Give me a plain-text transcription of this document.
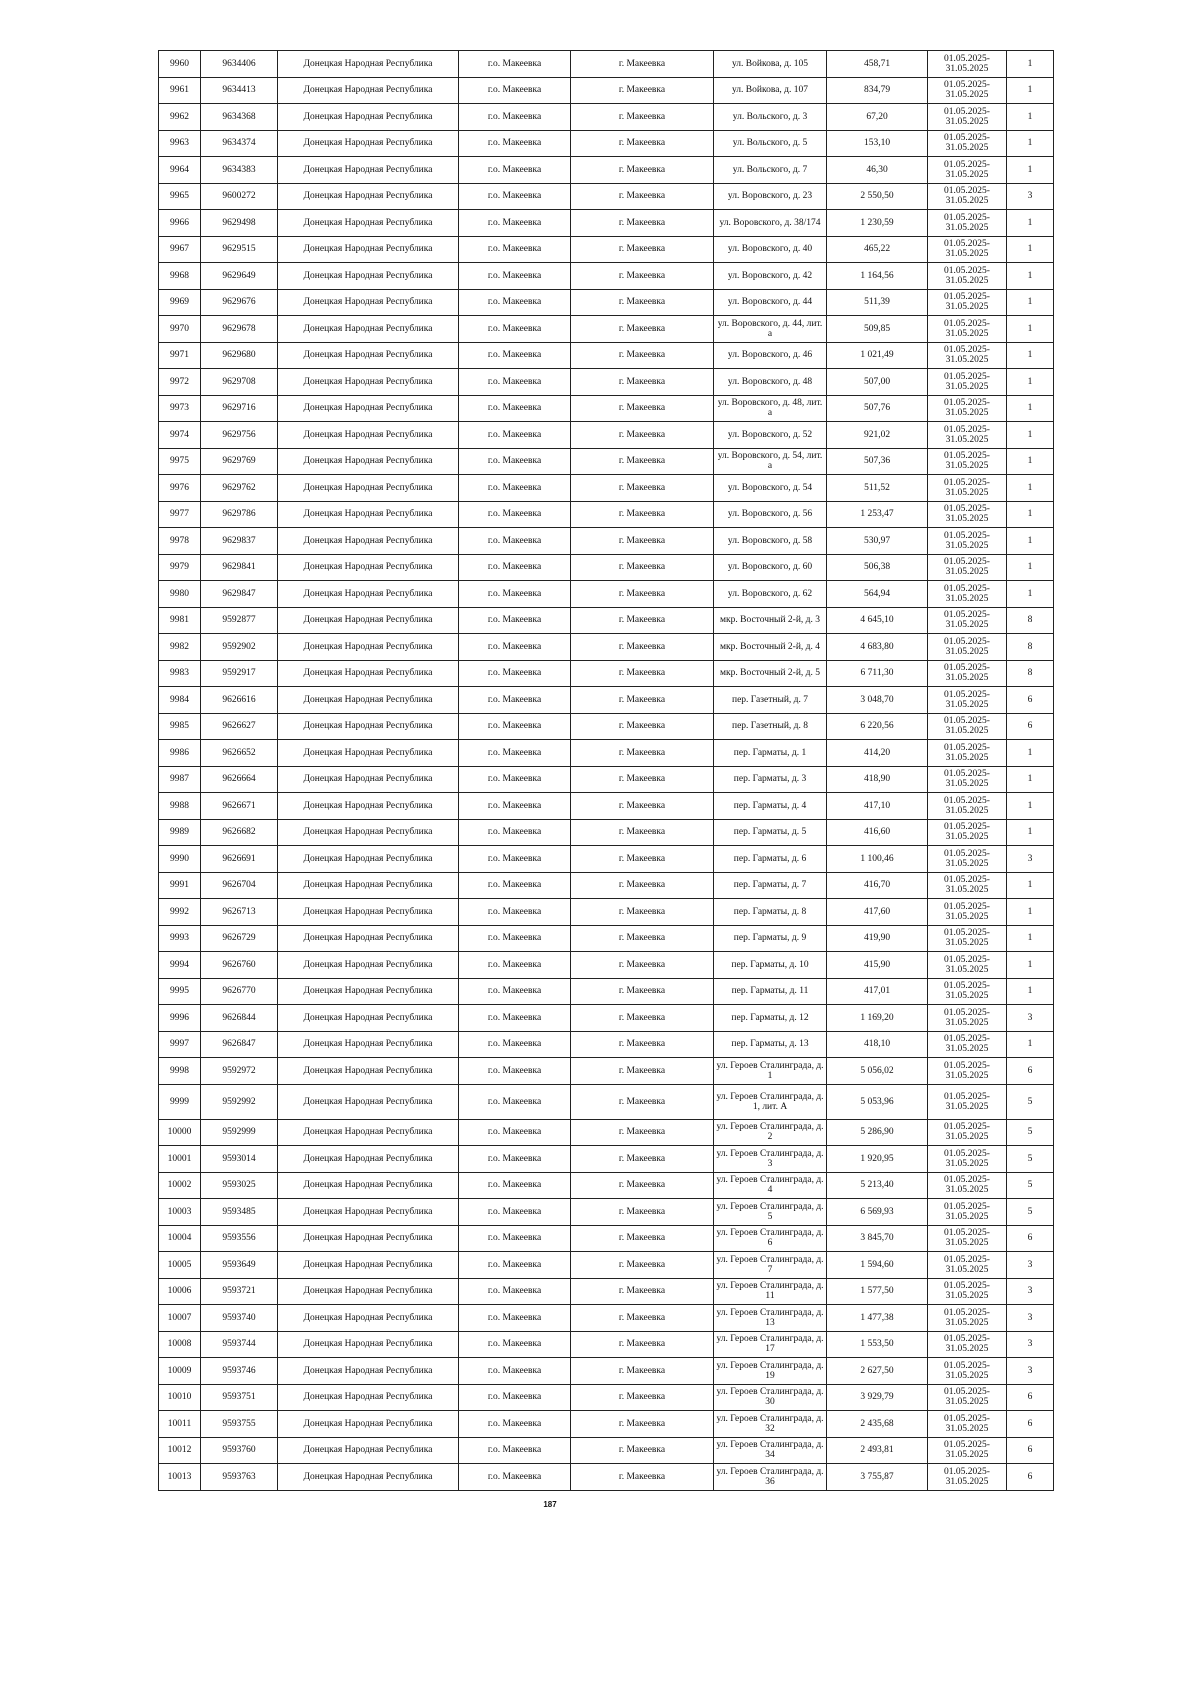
9960	9634406	Донецкая Народная Республика	г.о. Макеевка	г. Макеевка	ул. Войкова, д. 105	458,71	01.05.2025- 31.05.2025	1
9961	9634413	Донецкая Народная Республика	г.о. Макеевка	г. Макеевка	ул. Войкова, д. 107	834,79	01.05.2025- 31.05.2025	1
9962	9634368	Донецкая Народная Республика	г.о. Макеевка	г. Макеевка	ул. Вольского, д. 3	67,20	01.05.2025- 31.05.2025	1
9963	9634374	Донецкая Народная Республика	г.о. Макеевка	г. Макеевка	ул. Вольского, д. 5	153,10	01.05.2025- 31.05.2025	1
9964	9634383	Донецкая Народная Республика	г.о. Макеевка	г. Макеевка	ул. Вольского, д. 7	46,30	01.05.2025- 31.05.2025	1
9965	9600272	Донецкая Народная Республика	г.о. Макеевка	г. Макеевка	ул. Воровского, д. 23	2 550,50	01.05.2025- 31.05.2025	3
9966	9629498	Донецкая Народная Республика	г.о. Макеевка	г. Макеевка	ул. Воровского, д. 38/174	1 230,59	01.05.2025- 31.05.2025	1
9967	9629515	Донецкая Народная Республика	г.о. Макеевка	г. Макеевка	ул. Воровского, д. 40	465,22	01.05.2025- 31.05.2025	1
9968	9629649	Донецкая Народная Республика	г.о. Макеевка	г. Макеевка	ул. Воровского, д. 42	1 164,56	01.05.2025- 31.05.2025	1
9969	9629676	Донецкая Народная Республика	г.о. Макеевка	г. Макеевка	ул. Воровского, д. 44	511,39	01.05.2025- 31.05.2025	1
9970	9629678	Донецкая Народная Республика	г.о. Макеевка	г. Макеевка	ул. Воровского, д. 44, лит. а	509,85	01.05.2025- 31.05.2025	1
9971	9629680	Донецкая Народная Республика	г.о. Макеевка	г. Макеевка	ул. Воровского, д. 46	1 021,49	01.05.2025- 31.05.2025	1
9972	9629708	Донецкая Народная Республика	г.о. Макеевка	г. Макеевка	ул. Воровского, д. 48	507,00	01.05.2025- 31.05.2025	1
9973	9629716	Донецкая Народная Республика	г.о. Макеевка	г. Макеевка	ул. Воровского, д. 48, лит. а	507,76	01.05.2025- 31.05.2025	1
9974	9629756	Донецкая Народная Республика	г.о. Макеевка	г. Макеевка	ул. Воровского, д. 52	921,02	01.05.2025- 31.05.2025	1
9975	9629769	Донецкая Народная Республика	г.о. Макеевка	г. Макеевка	ул. Воровского, д. 54, лит. а	507,36	01.05.2025- 31.05.2025	1
9976	9629762	Донецкая Народная Республика	г.о. Макеевка	г. Макеевка	ул. Воровского, д. 54	511,52	01.05.2025- 31.05.2025	1
9977	9629786	Донецкая Народная Республика	г.о. Макеевка	г. Макеевка	ул. Воровского, д. 56	1 253,47	01.05.2025- 31.05.2025	1
9978	9629837	Донецкая Народная Республика	г.о. Макеевка	г. Макеевка	ул. Воровского, д. 58	530,97	01.05.2025- 31.05.2025	1
9979	9629841	Донецкая Народная Республика	г.о. Макеевка	г. Макеевка	ул. Воровского, д. 60	506,38	01.05.2025- 31.05.2025	1
9980	9629847	Донецкая Народная Республика	г.о. Макеевка	г. Макеевка	ул. Воровского, д. 62	564,94	01.05.2025- 31.05.2025	1
9981	9592877	Донецкая Народная Республика	г.о. Макеевка	г. Макеевка	мкр. Восточный 2-й, д. 3	4 645,10	01.05.2025- 31.05.2025	8
9982	9592902	Донецкая Народная Республика	г.о. Макеевка	г. Макеевка	мкр. Восточный 2-й, д. 4	4 683,80	01.05.2025- 31.05.2025	8
9983	9592917	Донецкая Народная Республика	г.о. Макеевка	г. Макеевка	мкр. Восточный 2-й, д. 5	6 711,30	01.05.2025- 31.05.2025	8
9984	9626616	Донецкая Народная Республика	г.о. Макеевка	г. Макеевка	пер. Газетный, д. 7	3 048,70	01.05.2025- 31.05.2025	6
9985	9626627	Донецкая Народная Республика	г.о. Макеевка	г. Макеевка	пер. Газетный, д. 8	6 220,56	01.05.2025- 31.05.2025	6
9986	9626652	Донецкая Народная Республика	г.о. Макеевка	г. Макеевка	пер. Гарматы, д. 1	414,20	01.05.2025- 31.05.2025	1
9987	9626664	Донецкая Народная Республика	г.о. Макеевка	г. Макеевка	пер. Гарматы, д. 3	418,90	01.05.2025- 31.05.2025	1
9988	9626671	Донецкая Народная Республика	г.о. Макеевка	г. Макеевка	пер. Гарматы, д. 4	417,10	01.05.2025- 31.05.2025	1
9989	9626682	Донецкая Народная Республика	г.о. Макеевка	г. Макеевка	пер. Гарматы, д. 5	416,60	01.05.2025- 31.05.2025	1
9990	9626691	Донецкая Народная Республика	г.о. Макеевка	г. Макеевка	пер. Гарматы, д. 6	1 100,46	01.05.2025- 31.05.2025	3
9991	9626704	Донецкая Народная Республика	г.о. Макеевка	г. Макеевка	пер. Гарматы, д. 7	416,70	01.05.2025- 31.05.2025	1
9992	9626713	Донецкая Народная Республика	г.о. Макеевка	г. Макеевка	пер. Гарматы, д. 8	417,60	01.05.2025- 31.05.2025	1
9993	9626729	Донецкая Народная Республика	г.о. Макеевка	г. Макеевка	пер. Гарматы, д. 9	419,90	01.05.2025- 31.05.2025	1
9994	9626760	Донецкая Народная Республика	г.о. Макеевка	г. Макеевка	пер. Гарматы, д. 10	415,90	01.05.2025- 31.05.2025	1
9995	9626770	Донецкая Народная Республика	г.о. Макеевка	г. Макеевка	пер. Гарматы, д. 11	417,01	01.05.2025- 31.05.2025	1
9996	9626844	Донецкая Народная Республика	г.о. Макеевка	г. Макеевка	пер. Гарматы, д. 12	1 169,20	01.05.2025- 31.05.2025	3
9997	9626847	Донецкая Народная Республика	г.о. Макеевка	г. Макеевка	пер. Гарматы, д. 13	418,10	01.05.2025- 31.05.2025	1
9998	9592972	Донецкая Народная Республика	г.о. Макеевка	г. Макеевка	ул. Героев Сталинграда, д. 1	5 056,02	01.05.2025- 31.05.2025	6
9999	9592992	Донецкая Народная Республика	г.о. Макеевка	г. Макеевка	ул. Героев Сталинграда, д. 1, лит. А	5 053,96	01.05.2025- 31.05.2025	5
10000	9592999	Донецкая Народная Республика	г.о. Макеевка	г. Макеевка	ул. Героев Сталинграда, д. 2	5 286,90	01.05.2025- 31.05.2025	5
10001	9593014	Донецкая Народная Республика	г.о. Макеевка	г. Макеевка	ул. Героев Сталинграда, д. 3	1 920,95	01.05.2025- 31.05.2025	5
10002	9593025	Донецкая Народная Республика	г.о. Макеевка	г. Макеевка	ул. Героев Сталинграда, д. 4	5 213,40	01.05.2025- 31.05.2025	5
10003	9593485	Донецкая Народная Республика	г.о. Макеевка	г. Макеевка	ул. Героев Сталинграда, д. 5	6 569,93	01.05.2025- 31.05.2025	5
10004	9593556	Донецкая Народная Республика	г.о. Макеевка	г. Макеевка	ул. Героев Сталинграда, д. 6	3 845,70	01.05.2025- 31.05.2025	6
10005	9593649	Донецкая Народная Республика	г.о. Макеевка	г. Макеевка	ул. Героев Сталинграда, д. 7	1 594,60	01.05.2025- 31.05.2025	3
10006	9593721	Донецкая Народная Республика	г.о. Макеевка	г. Макеевка	ул. Героев Сталинграда, д. 11	1 577,50	01.05.2025- 31.05.2025	3
10007	9593740	Донецкая Народная Республика	г.о. Макеевка	г. Макеевка	ул. Героев Сталинграда, д. 13	1 477,38	01.05.2025- 31.05.2025	3
10008	9593744	Донецкая Народная Республика	г.о. Макеевка	г. Макеевка	ул. Героев Сталинграда, д. 17	1 553,50	01.05.2025- 31.05.2025	3
10009	9593746	Донецкая Народная Республика	г.о. Макеевка	г. Макеевка	ул. Героев Сталинграда, д. 19	2 627,50	01.05.2025- 31.05.2025	3
10010	9593751	Донецкая Народная Республика	г.о. Макеевка	г. Макеевка	ул. Героев Сталинграда, д. 30	3 929,79	01.05.2025- 31.05.2025	6
10011	9593755	Донецкая Народная Республика	г.о. Макеевка	г. Макеевка	ул. Героев Сталинграда, д. 32	2 435,68	01.05.2025- 31.05.2025	6
10012	9593760	Донецкая Народная Республика	г.о. Макеевка	г. Макеевка	ул. Героев Сталинграда, д. 34	2 493,81	01.05.2025- 31.05.2025	6
10013	9593763	Донецкая Народная Республика	г.о. Макеевка	г. Макеевка	ул. Героев Сталинграда, д. 36	3 755,87	01.05.2025- 31.05.2025	6
187
